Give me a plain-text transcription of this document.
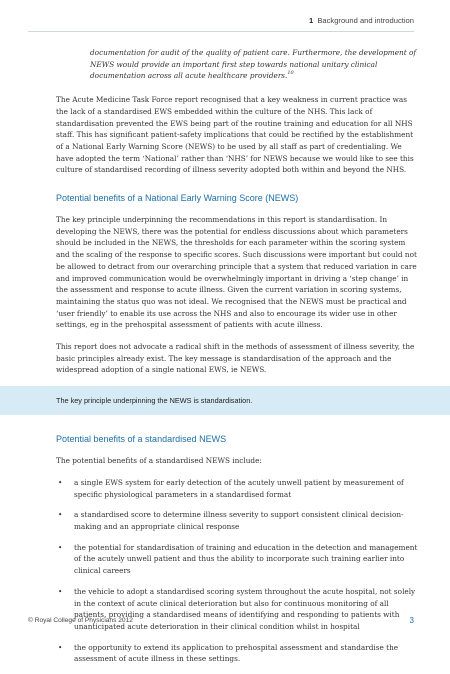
1 Background and introduction

documentation for audit of the quality of patient care. Furthermore, the development of NEWS would provide an important first step towards national unitary clinical documentation across all acute healthcare providers.$^{10}$

The Acute Medicine Task Force report recognised that a key weakness in current practice was the lack of a standardised EWS embedded within the culture of the NHS. This lack of standardisation prevented the EWS being part of the routine training and education for all NHS staff. This has significant patient-safety implications that could be rectified by the establishment of a National Early Warning Score (NEWS) to be used by all staff as part of credentialing. We have adopted the term ‘National’ rather than ‘NHS’ for NEWS because we would like to see this culture of standardised recording of illness severity adopted both within and beyond the NHS.

Potential benefits of a National Early Warning Score (NEWS)

The key principle underpinning the recommendations in this report is standardisation. In developing the NEWS, there was the potential for endless discussions about which parameters should be included in the NEWS, the thresholds for each parameter within the scoring system and the scaling of the response to specific scores. Such discussions were important but could not be allowed to detract from our overarching principle that a system that reduced variation in care and improved communication would be overwhelmingly important in driving a ‘step change’ in the assessment and response to acute illness. Given the current variation in scoring systems, maintaining the status quo was not ideal. We recognised that the NEWS must be practical and ‘user friendly’ to enable its use across the NHS and also to encourage its wider use in other settings, eg in the prehospital assessment of patients with acute illness.

This report does not advocate a radical shift in the methods of assessment of illness severity, the basic principles already exist. The key message is standardisation of the approach and the widespread adoption of a single national EWS, ie NEWS.

The key principle underpinning the NEWS is standardisation.
Potential benefits of a standardised NEWS

The potential benefits of a standardised NEWS include:

• a single EWS system for early detection of the acutely unwell patient by measurement of specific physiological parameters in a standardised format
• a standardised score to determine illness severity to support consistent clinical decision-making and an appropriate clinical response
• the potential for standardisation of training and education in the detection and management of the acutely unwell patient and thus the ability to incorporate such training earlier into clinical careers
• the vehicle to adopt a standardised scoring system throughout the acute hospital, not solely in the context of acute clinical deterioration but also for continuous monitoring of all patients, providing a standardised means of identifying and responding to patients with unanticipated acute deterioration in their clinical condition whilst in hospital
• the opportunity to extend its application to prehospital assessment and standardise the assessment of acute illness in these settings.
© Royal College of Physicians 2012	3
